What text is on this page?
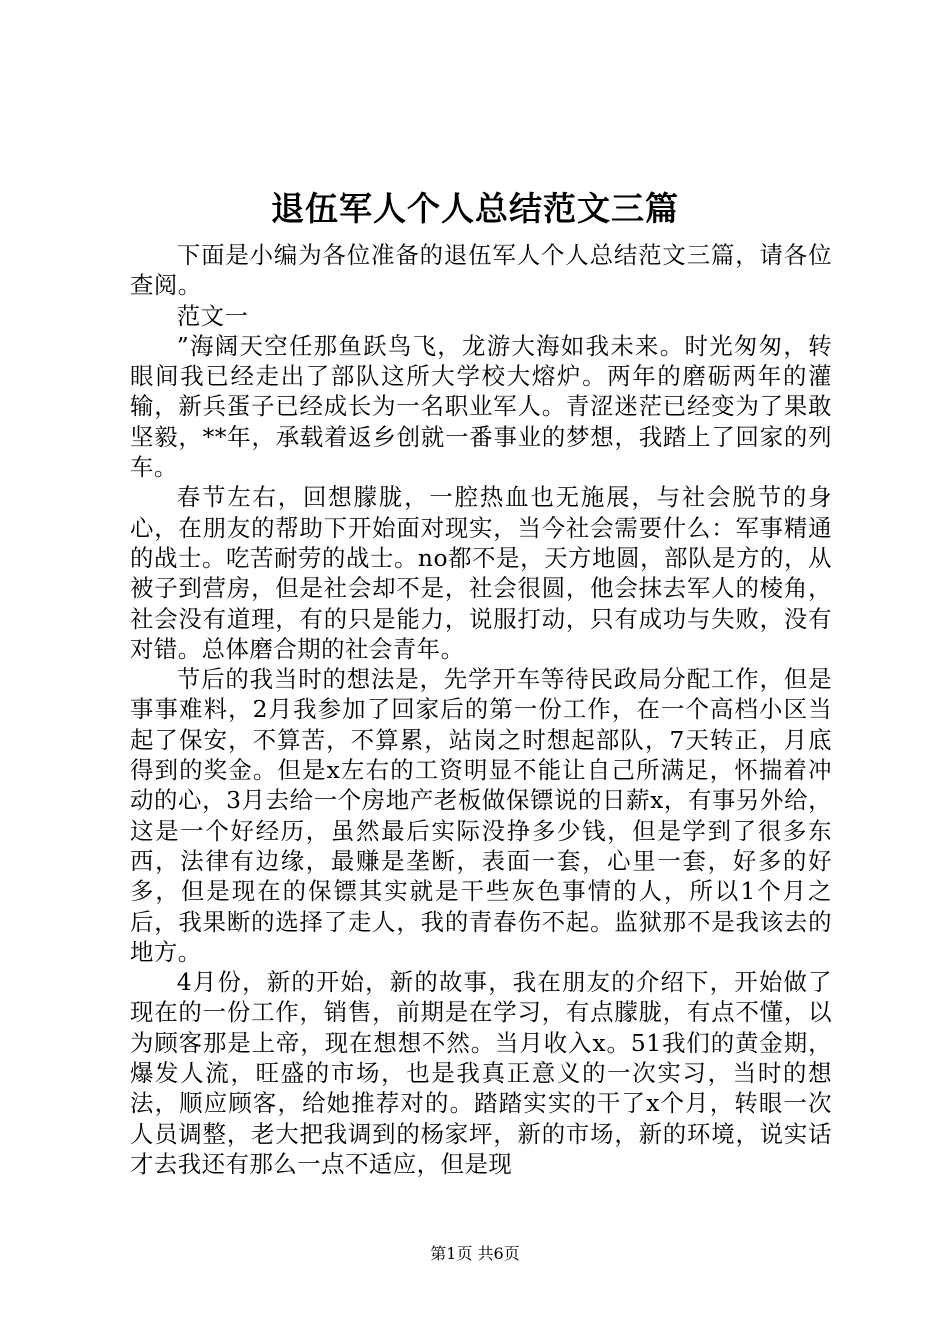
退伍军人个人总结范文三篇

下面是小编为各位准备的退伍军人个人总结范文三篇，请各位查阅。

范文一

”海阔天空任那鱼跃鸟飞，龙游大海如我未来。时光匆匆，转眼间我已经走出了部队这所大学校大熔炉。两年的磨砺两年的灌输，新兵蛋子已经成长为一名职业军人。青涩迷茫已经变为了果敢坚毅，**年，承载着返乡创就一番事业的梦想，我踏上了回家的列车。

春节左右，回想朦胧，一腔热血也无施展，与社会脱节的身心，在朋友的帮助下开始面对现实，当今社会需要什么：军事精通的战士。吃苦耐劳的战士。no都不是，天方地圆，部队是方的，从被子到营房，但是社会却不是，社会很圆，他会抹去军人的棱角，社会没有道理，有的只是能力，说服打动，只有成功与失败，没有对错。总体磨合期的社会青年。

节后的我当时的想法是，先学开车等待民政局分配工作，但是事事难料，2月我参加了回家后的第一份工作，在一个高档小区当起了保安，不算苦，不算累，站岗之时想起部队，7天转正，月底得到的奖金。但是x左右的工资明显不能让自己所满足，怀揣着冲动的心，3月去给一个房地产老板做保镖说的日薪x，有事另外给，这是一个好经历，虽然最后实际没挣多少钱，但是学到了很多东西，法律有边缘，最赚是垄断，表面一套，心里一套，好多的好多，但是现在的保镖其实就是干些灰色事情的人，所以1个月之后，我果断的选择了走人，我的青春伤不起。监狱那不是我该去的地方。

4月份，新的开始，新的故事，我在朋友的介绍下，开始做了现在的一份工作，销售，前期是在学习，有点朦胧，有点不懂，以为顾客那是上帝，现在想想不然。当月收入x。51我们的黄金期，爆发人流，旺盛的市场，也是我真正意义的一次实习，当时的想法，顺应顾客，给她推荐对的。踏踏实实的干了x个月，转眼一次人员调整，老大把我调到的杨家坪，新的市场，新的环境，说实话才去我还有那么一点不适应，但是现

第1页 共6页
